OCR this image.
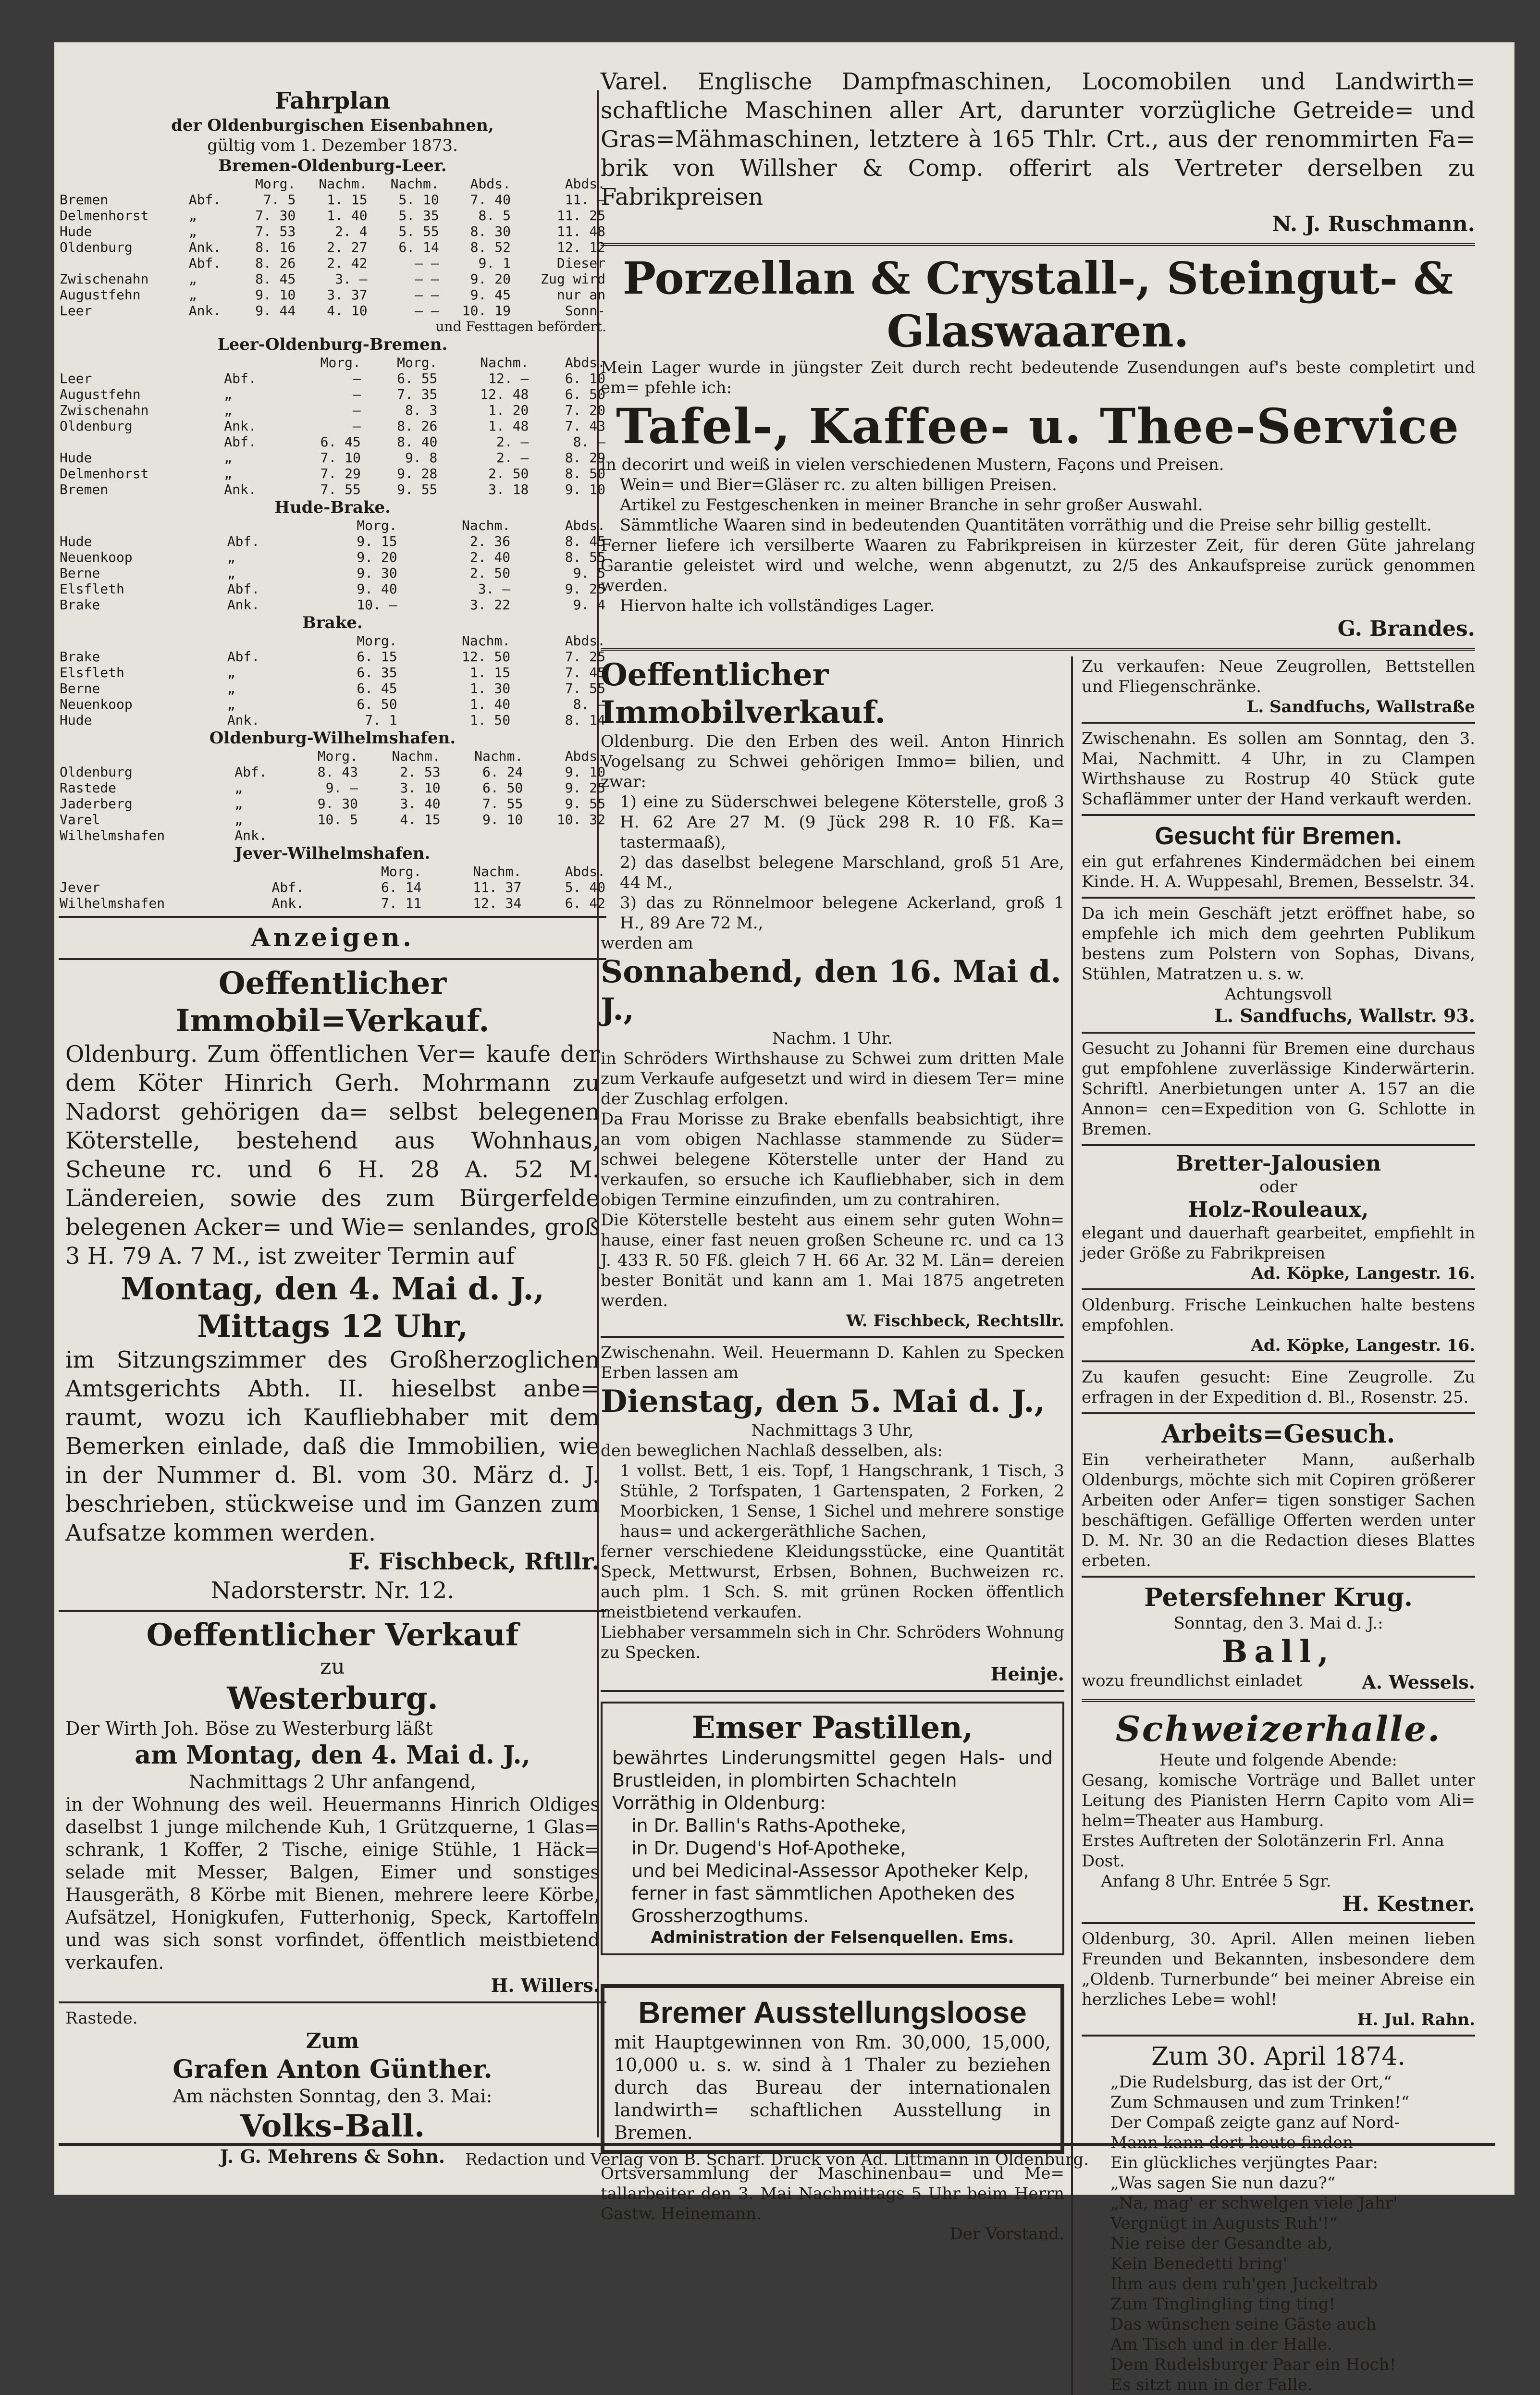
Fahrplan

der Oldenburgischen Eisenbahnen,

gültig vom 1. Dezember 1873.

Bremen-Oldenburg-Leer.

		Morg.	Nachm.	Nachm.	Abds.	Abds.
Bremen	Abf.	7. 5	1. 15	5. 10	7. 40	11. —
Delmenhorst	„	7. 30	1. 40	5. 35	8. 5	11. 25
Hude	„	7. 53	2. 4	5. 55	8. 30	11. 48
Oldenburg	Ank.	8. 16	2. 27	6. 14	8. 52	12. 12
	Abf.	8. 26	2. 42	— —	9. 1	Dieser
Zwischenahn	„	8. 45	3. —	— —	9. 20	Zug wird
Augustfehn	„	9. 10	3. 37	— —	9. 45	nur an
Leer	Ank.	9. 44	4. 10	— —	10. 19	Sonn-

und Festtagen befördert.

Leer-Oldenburg-Bremen.

		Morg.	Morg.	Nachm.	Abds.
Leer	Abf.	—	6. 55	12. —	6. 10
Augustfehn	„	—	7. 35	12. 48	6. 50
Zwischenahn	„	—	8. 3	1. 20	7. 20
Oldenburg	Ank.	—	8. 26	1. 48	7. 43
	Abf.	6. 45	8. 40	2. —	8. —
Hude	„	7. 10	9. 8	2. —	8. 29
Delmenhorst	„	7. 29	9. 28	2. 50	8. 50
Bremen	Ank.	7. 55	9. 55	3. 18	9. 10

Hude-Brake.

		Morg.	Nachm.	Abds.
Hude	Abf.	9. 15	2. 36	8. 45
Neuenkoop	„	9. 20	2. 40	8. 55
Berne	„	9. 30	2. 50	9. 5
Elsfleth	Abf.	9. 40	3. —	9. 25
Brake	Ank.	10. —	3. 22	9. 4

Brake.

		Morg.	Nachm.	Abds.
Brake	Abf.	6. 15	12. 50	7. 25
Elsfleth	„	6. 35	1. 15	7. 45
Berne	„	6. 45	1. 30	7. 55
Neuenkoop	„	6. 50	1. 40	8. —
Hude	Ank.	7. 1	1. 50	8. 14

Oldenburg-Wilhelmshafen.

		Morg.	Nachm.	Nachm.	Abds.
Oldenburg	Abf.	8. 43	2. 53	6. 24	9. 10
Rastede	„	9. —	3. 10	6. 50	9. 25
Jaderberg	„	9. 30	3. 40	7. 55	9. 55
Varel	„	10. 5	4. 15	9. 10	10. 32
Wilhelmshafen	Ank.				

Jever-Wilhelmshafen.

		Morg.	Nachm.	Abds.
Jever	Abf.	6. 14	11. 37	5. 40
Wilhelmshafen	Ank.	7. 11	12. 34	6. 42

Anzeigen.

Oeffentlicher

Immobil=Verkauf.

Oldenburg. Zum öffentlichen Ver= kaufe der dem Köter Hinrich Gerh. Mohrmann zu Nadorst gehörigen da= selbst belegenen Köterstelle, bestehend aus Wohnhaus, Scheune rc. und 6 H. 28 A. 52 M. Ländereien, sowie des zum Bürgerfelde belegenen Acker= und Wie= senlandes, groß 3 H. 79 A. 7 M., ist zweiter Termin auf

Montag, den 4. Mai d. J.,

Mittags 12 Uhr,

im Sitzungszimmer des Großherzoglichen Amtsgerichts Abth. II. hieselbst anbe= raumt, wozu ich Kaufliebhaber mit dem Bemerken einlade, daß die Immobilien, wie in der Nummer d. Bl. vom 30. März d. J. beschrieben, stückweise und im Ganzen zum Aufsatze kommen werden.

F. Fischbeck, Rftllr.

Nadorsterstr. Nr. 12.

Oeffentlicher Verkauf

zu

Westerburg.

Der Wirth Joh. Böse zu Westerburg läßt

am Montag, den 4. Mai d. J.,

Nachmittags 2 Uhr anfangend,

in der Wohnung des weil. Heuermanns Hinrich Oldiges daselbst 1 junge milchende Kuh, 1 Grützquerne, 1 Glas= schrank, 1 Koffer, 2 Tische, einige Stühle, 1 Häck= selade mit Messer, Balgen, Eimer und sonstiges Hausgeräth, 8 Körbe mit Bienen, mehrere leere Körbe, Aufsätzel, Honigkufen, Futterhonig, Speck, Kartoffeln und was sich sonst vorfindet, öffentlich meistbietend verkaufen.

H. Willers.

Rastede.

Zum

Grafen Anton Günther.

Am nächsten Sonntag, den 3. Mai:

Volks-Ball.

J. G. Mehrens & Sohn.

Varel. Englische Dampfmaschinen, Locomobilen und Landwirth= schaftliche Maschinen aller Art, darunter vorzügliche Getreide= und Gras=Mähmaschinen, letztere à 165 Thlr. Crt., aus der renommirten Fa= brik von Willsher & Comp. offerirt als Vertreter derselben zu Fabrikpreisen

N. J. Ruschmann.

Porzellan & Crystall-, Steingut- &

Glaswaaren.

Mein Lager wurde in jüngster Zeit durch recht bedeutende Zusendungen auf's beste completirt und em= pfehle ich:

Tafel-, Kaffee- u. Thee-Service

in decorirt und weiß in vielen verschiedenen Mustern, Façons und Preisen.

Wein= und Bier=Gläser rc. zu alten billigen Preisen.

Artikel zu Festgeschenken in meiner Branche in sehr großer Auswahl.

Sämmtliche Waaren sind in bedeutenden Quantitäten vorräthig und die Preise sehr billig gestellt.

Ferner liefere ich versilberte Waaren zu Fabrikpreisen in kürzester Zeit, für deren Güte jahrelang Garantie geleistet wird und welche, wenn abgenutzt, zu 2/5 des Ankaufspreise zurück genommen werden.

Hiervon halte ich vollständiges Lager.

G. Brandes.

Oeffentlicher Immobilverkauf.

Oldenburg. Die den Erben des weil. Anton Hinrich Vogelsang zu Schwei gehörigen Immo= bilien, und zwar:

1) eine zu Süderschwei belegene Köterstelle, groß 3 H. 62 Are 27 M. (9 Jück 298 R. 10 Fß. Ka= tastermaaß),

2) das daselbst belegene Marschland, groß 51 Are, 44 M.,

3) das zu Rönnelmoor belegene Ackerland, groß 1 H., 89 Are 72 M.,

werden am

Sonnabend, den 16. Mai d. J.,

Nachm. 1 Uhr.

in Schröders Wirthshause zu Schwei zum dritten Male zum Verkaufe aufgesetzt und wird in diesem Ter= mine der Zuschlag erfolgen.

Da Frau Morisse zu Brake ebenfalls beabsichtigt, ihre an vom obigen Nachlasse stammende zu Süder= schwei belegene Köterstelle unter der Hand zu verkaufen, so ersuche ich Kaufliebhaber, sich in dem obigen Termine einzufinden, um zu contrahiren.

Die Köterstelle besteht aus einem sehr guten Wohn= hause, einer fast neuen großen Scheune rc. und ca 13 J. 433 R. 50 Fß. gleich 7 H. 66 Ar. 32 M. Län= dereien bester Bonität und kann am 1. Mai 1875 angetreten werden.

W. Fischbeck, Rechtsllr.

Zwischenahn. Weil. Heuermann D. Kahlen zu Specken Erben lassen am

Dienstag, den 5. Mai d. J.,

Nachmittags 3 Uhr,

den beweglichen Nachlaß desselben, als:

1 vollst. Bett, 1 eis. Topf, 1 Hangschrank, 1 Tisch, 3 Stühle, 2 Torfspaten, 1 Gartenspaten, 2 Forken, 2 Moorbicken, 1 Sense, 1 Sichel und mehrere sonstige haus= und ackergeräthliche Sachen,

ferner verschiedene Kleidungsstücke, eine Quantität Speck, Mettwurst, Erbsen, Bohnen, Buchweizen rc. auch plm. 1 Sch. S. mit grünen Rocken öffentlich meistbietend verkaufen.

Liebhaber versammeln sich in Chr. Schröders Wohnung zu Specken.

Heinje.

Emser Pastillen,

bewährtes Linderungsmittel gegen Hals- und Brustleiden, in plombirten Schachteln

Vorräthig in Oldenburg:

in Dr. Ballin's Raths-Apotheke,

in Dr. Dugend's Hof-Apotheke,

und bei Medicinal-Assessor Apotheker Kelp, ferner in fast sämmtlichen Apotheken des Grossherzogthums.

Administration der Felsenquellen. Ems.

Bremer Ausstellungsloose

mit Hauptgewinnen von Rm. 30,000, 15,000, 10,000 u. s. w. sind à 1 Thaler zu beziehen durch das Bureau der internationalen landwirth= schaftlichen Ausstellung in Bremen.

Ortsversammlung der Maschinenbau= und Me= tallarbeiter den 3. Mai Nachmittags 5 Uhr beim Herrn Gastw. Heinemann.

Der Vorstand.

Zu verkaufen: Neue Zeugrollen, Bettstellen und Fliegenschränke.

L. Sandfuchs, Wallstraße

Zwischenahn. Es sollen am Sonntag, den 3. Mai, Nachmitt. 4 Uhr, in zu Clampen Wirthshause zu Rostrup 40 Stück gute Schaflämmer unter der Hand verkauft werden.

Gesucht für Bremen.

ein gut erfahrenes Kindermädchen bei einem Kinde. H. A. Wuppesahl, Bremen, Besselstr. 34.

Da ich mein Geschäft jetzt eröffnet habe, so empfehle ich mich dem geehrten Publikum bestens zum Polstern von Sophas, Divans, Stühlen, Matratzen u. s. w.

Achtungsvoll

L. Sandfuchs, Wallstr. 93.

Gesucht zu Johanni für Bremen eine durchaus gut empfohlene zuverlässige Kinderwärterin. Schriftl. Anerbietungen unter A. 157 an die Annon= cen=Expedition von G. Schlotte in Bremen.

Bretter-Jalousien

oder

Holz-Rouleaux,

elegant und dauerhaft gearbeitet, empfiehlt in jeder Größe zu Fabrikpreisen

Ad. Köpke, Langestr. 16.

Oldenburg. Frische Leinkuchen halte bestens empfohlen.

Ad. Köpke, Langestr. 16.

Zu kaufen gesucht: Eine Zeugrolle. Zu erfragen in der Expedition d. Bl., Rosenstr. 25.

Arbeits=Gesuch.

Ein verheiratheter Mann, außerhalb Oldenburgs, möchte sich mit Copiren größerer Arbeiten oder Anfer= tigen sonstiger Sachen beschäftigen. Gefällige Offerten werden unter D. M. Nr. 30 an die Redaction dieses Blattes erbeten.

Petersfehner Krug.

Sonntag, den 3. Mai d. J.:

Ball,

wozu freundlichst einladet	A. Wessels.

Schweizerhalle.

Heute und folgende Abende:

Gesang, komische Vorträge und Ballet unter Leitung des Pianisten Herrn Capito vom Ali= helm=Theater aus Hamburg.

Erstes Auftreten der Solotänzerin Frl. Anna Dost.

Anfang 8 Uhr. Entrée 5 Sgr.

H. Kestner.

Oldenburg, 30. April. Allen meinen lieben Freunden und Bekannten, insbesondere dem „Oldenb. Turnerbunde“ bei meiner Abreise ein herzliches Lebe= wohl!

H. Jul. Rahn.

Zum 30. April 1874.

„Die Rudelsburg, das ist der Ort,“

Zum Schmausen und zum Trinken!“

Der Compaß zeigte ganz auf Nord-

Mann kann dort heute finden

Ein glückliches verjüngtes Paar:

„Was sagen Sie nun dazu?“

„Na, mag' er schwelgen viele Jahr'

Vergnügt in Augusts Ruh'!“

Nie reise der Gesandte ab,

Kein Benedetti bring'

Ihm aus dem ruh'gen Juckeltrab

Zum Tinglingling ting ting!

Das wünschen seine Gäste auch

Am Tisch und in der Halle.

Dem Rudelsburger Paar ein Hoch!

Es sitzt nun in der Falle.

Redaction und Verlag von B. Scharf. Druck von Ad. Littmann in Oldenburg.
